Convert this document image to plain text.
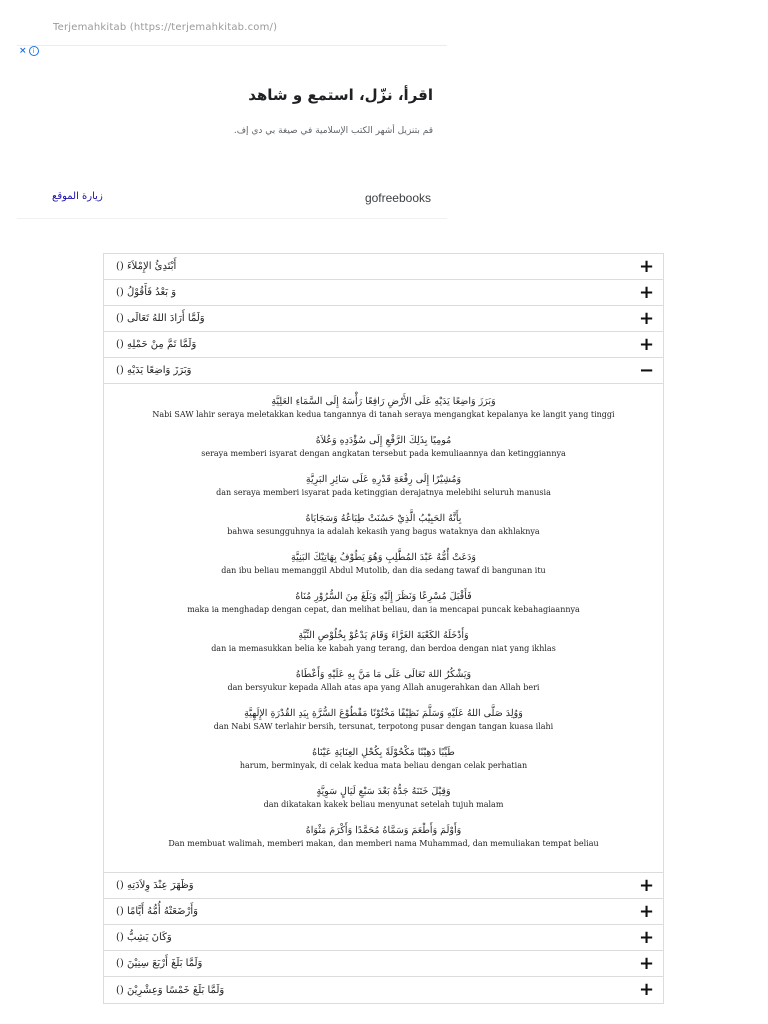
Terjemahkitab (https://terjemahkitab.com/)
×	i
اقرأ، نزّل، استمع و شاهد
قم بتنزيل أشهر الكتب الإسلامية في صيغة بي دي إف.
زيارة الموقع	gofreebooks
() أَبْتَدِئُ الإِمْلاَءَ	+
() وَ بَعْدُ فَأَقُوْلُ	+
() وَلَمَّا أَرَادَ اللهُ تَعَالَى	+
() وَلَمَّا تَمَّ مِنْ حَمْلِهِ	+
() وَبَرَزَ وَاضِعًا يَدَيْهِ	−
وَبَرَزَ وَاضِعًا يَدَيْهِ عَلَى الأَرْضِ رَافِعًا رَأْسَهُ إِلَى السَّمَاءِ العَلِيَّةِ
Nabi SAW lahir seraya meletakkan kedua tangannya di tanah seraya mengangkat kepalanya ke langit yang tinggi
مُومِيًا بِذَلِكَ الرَّفْعِ إِلَى سُؤْدَدِهِ وَعُلاَهُ
seraya memberi isyarat dengan angkatan tersebut pada kemuliaannya dan ketinggiannya
وَمُشِيْرًا إِلَى رِفْعَةِ قَدْرِهِ عَلَى سَائِرِ البَرِيَّةِ
dan seraya memberi isyarat pada ketinggian derajatnya melebihi seluruh manusia
بِأَنَّهُ الحَبِيْبُ الَّذِيْ حَسُنَتْ طِبَاعُهُ وَسَجَايَاهُ
bahwa sesungguhnya ia adalah kekasih yang bagus wataknya dan akhlaknya
وَدَعَتْ أُمُّهُ عَبْدَ المُطَّلِبِ وَهُوَ يَطُوْفُ بِهَاتِيْكَ البَنِيَّةِ
dan ibu beliau memanggil Abdul Mutolib, dan dia sedang tawaf di bangunan itu
فَأَقْبَلَ مُسْرِعًا وَنَظَرَ إِلَيْهِ وَبَلَغَ مِنَ السُّرُوْرِ مُنَاهُ
maka ia menghadap dengan cepat, dan melihat beliau, dan ia mencapai puncak kebahagiaannya
وَأَدْخَلَهُ الكَعْبَةَ الغَرَّاءَ وَقَامَ يَدْعُوْ بِخُلُوْصِ النِّيَّةِ
dan ia memasukkan belia ke kabah yang terang, dan berdoa dengan niat yang ikhlas
وَيَشْكُرُ اللهَ تَعَالَى عَلَى مَا مَنَّ بِهِ عَلَيْهِ وَأَعْطَاهُ
dan bersyukur kepada Allah atas apa yang Allah anugerahkan dan Allah beri
وَوُلِدَ صَلَّى اللهُ عَلَيْهِ وَسَلَّمَ نَظِيْفًا مَخْتُوْنًا مَقْطُوْعَ السُّرَّةِ بِيَدِ القُدْرَةِ الإِلَهِيَّةِ
dan Nabi SAW terlahir bersih, tersunat, terpotong pusar dengan tangan kuasa ilahi
طَيِّبًا دَهِيْنًا مَكْحُوْلَةً بِكُحْلِ العِنَايَةِ عَيْنَاهُ
harum, berminyak, di celak kedua mata beliau dengan celak perhatian
وَقِيْلَ خَتَنَهُ جَدُّهُ بَعْدَ سَبْعِ لَيَالٍ سَوِيَّةٍ
dan dikatakan kakek beliau menyunat setelah tujuh malam
وَأَوْلَمَ وَأَطْعَمَ وَسَمَّاهُ مُحَمَّدًا وَأَكْرَمَ مَثْوَاهُ
Dan membuat walimah, memberi makan, dan memberi nama Muhammad, dan memuliakan tempat beliau
() وَظَهَرَ عِنْدَ وِلاَدَتِهِ	+
() وَأَرْضَعَتْهُ أُمُّهُ أَيَّامًا	+
() وَكَانَ يَشِبُّ	+
() وَلَمَّا بَلَغَ أَرْبَعَ سِنِيْنَ	+
() وَلَمَّا بَلَغَ خَمْسًا وَعِشْرِيْنَ	+
